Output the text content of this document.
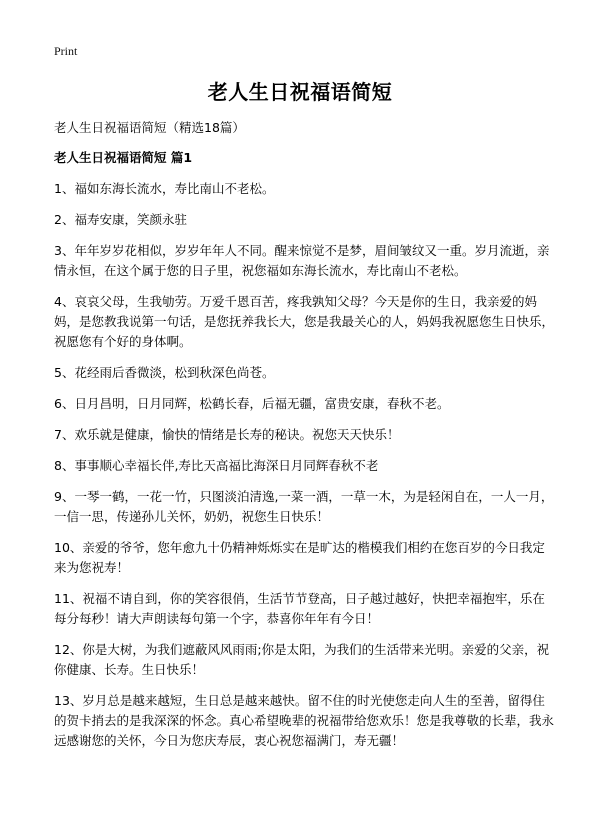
Print
老人生日祝福语简短

老人生日祝福语简短（精选18篇）

老人生日祝福语简短 篇1

1、福如东海长流水，寿比南山不老松。

2、福寿安康，笑颜永驻

3、年年岁岁花相似，岁岁年年人不同。醒来惊觉不是梦，眉间皱纹又一重。岁月流逝，亲情永恒，在这个属于您的日子里，祝您福如东海长流水，寿比南山不老松。

4、哀哀父母，生我劬劳。万爱千恩百苦，疼我孰知父母？今天是你的生日，我亲爱的妈妈，是您教我说第一句话，是您抚养我长大，您是我最关心的人，妈妈我祝愿您生日快乐，祝愿您有个好的身体啊。

5、花经雨后香微淡，松到秋深色尚苍。

6、日月昌明，日月同辉，松鹤长春，后福无疆，富贵安康，春秋不老。

7、欢乐就是健康，愉快的情绪是长寿的秘诀。祝您天天快乐！

8、事事顺心幸福长伴,寿比天高福比海深日月同辉春秋不老

9、一琴一鹤，一花一竹，只图淡泊清逸,一菜一酒，一草一木，为是轻闲自在，一人一月，一信一思，传递孙儿关怀，奶奶，祝您生日快乐！

10、亲爱的爷爷，您年愈九十仍精神烁烁实在是旷达的楷模我们相约在您百岁的今日我定来为您祝寿！

11、祝福不请自到，你的笑容很俏，生活节节登高，日子越过越好，快把幸福抱牢，乐在每分每秒！请大声朗读每句第一个字，恭喜你年年有今日！

12、你是大树，为我们遮蔽风风雨雨;你是太阳，为我们的生活带来光明。亲爱的父亲，祝你健康、长寿。生日快乐！

13、岁月总是越来越短，生日总是越来越快。留不住的时光使您走向人生的至善，留得住的贺卡捎去的是我深深的怀念。真心希望晚辈的祝福带给您欢乐！您是我尊敬的长辈，我永远感谢您的关怀，今日为您庆寿辰，衷心祝您福满门，寿无疆！
